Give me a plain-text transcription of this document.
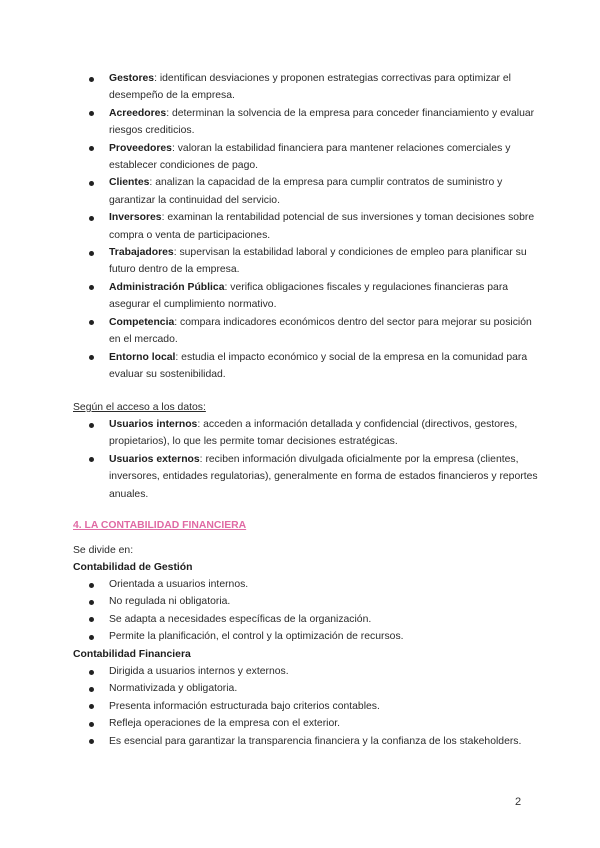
Gestores: identifican desviaciones y proponen estrategias correctivas para optimizar el desempeño de la empresa.
Acreedores: determinan la solvencia de la empresa para conceder financiamiento y evaluar riesgos crediticios.
Proveedores: valoran la estabilidad financiera para mantener relaciones comerciales y establecer condiciones de pago.
Clientes: analizan la capacidad de la empresa para cumplir contratos de suministro y garantizar la continuidad del servicio.
Inversores: examinan la rentabilidad potencial de sus inversiones y toman decisiones sobre compra o venta de participaciones.
Trabajadores: supervisan la estabilidad laboral y condiciones de empleo para planificar su futuro dentro de la empresa.
Administración Pública: verifica obligaciones fiscales y regulaciones financieras para asegurar el cumplimiento normativo.
Competencia: compara indicadores económicos dentro del sector para mejorar su posición en el mercado.
Entorno local: estudia el impacto económico y social de la empresa en la comunidad para evaluar su sostenibilidad.
Según el acceso a los datos:
Usuarios internos: acceden a información detallada y confidencial (directivos, gestores, propietarios), lo que les permite tomar decisiones estratégicas.
Usuarios externos: reciben información divulgada oficialmente por la empresa (clientes, inversores, entidades regulatorias), generalmente en forma de estados financieros y reportes anuales.
4. LA CONTABILIDAD FINANCIERA
Se divide en:
Contabilidad de Gestión
Orientada a usuarios internos.
No regulada ni obligatoria.
Se adapta a necesidades específicas de la organización.
Permite la planificación, el control y la optimización de recursos.
Contabilidad Financiera
Dirigida a usuarios internos y externos.
Normativizada y obligatoria.
Presenta información estructurada bajo criterios contables.
Refleja operaciones de la empresa con el exterior.
Es esencial para garantizar la transparencia financiera y la confianza de los stakeholders.
2
